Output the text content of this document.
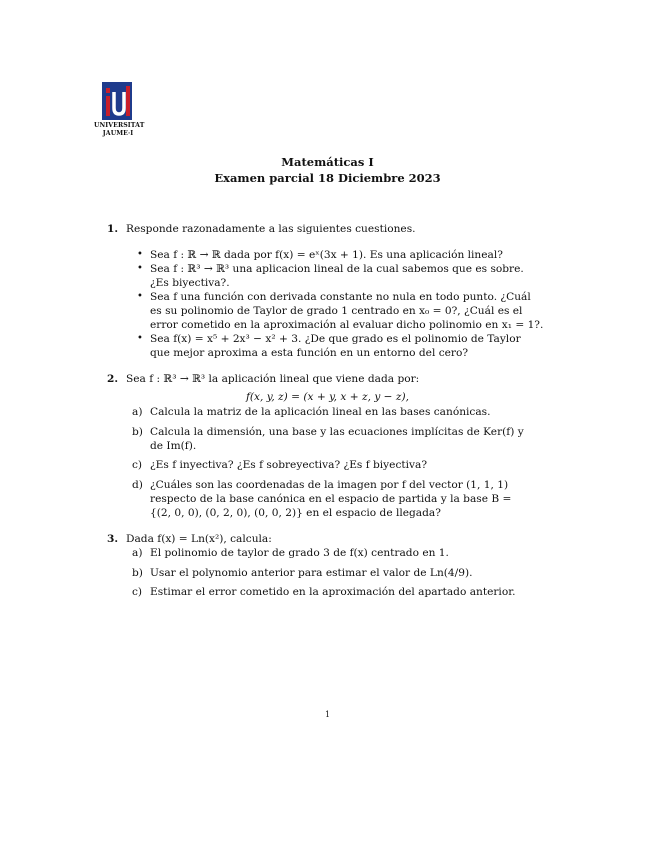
UNIVERSITAT
JAUME·I
Matemáticas I
Examen parcial 18 Diciembre 2023
1. Responde razonadamente a las siguientes cuestiones.
• Sea f : ℝ → ℝ dada por f(x) = eˣ(3x + 1). Es una aplicación lineal?
• Sea f : ℝ³ → ℝ³ una aplicacion lineal de la cual sabemos que es sobre.
¿Es biyectiva?.
• Sea f una función con derivada constante no nula en todo punto. ¿Cuál
es su polinomio de Taylor de grado 1 centrado en x₀ = 0?, ¿Cuál es el
error cometido en la aproximación al evaluar dicho polinomio en x₁ = 1?.
• Sea f(x) = x⁵ + 2x³ − x² + 3. ¿De que grado es el polinomio de Taylor
que mejor aproxima a esta función en un entorno del cero?
2. Sea f : ℝ³ → ℝ³ la aplicación lineal que viene dada por:
f(x, y, z) = (x + y, x + z, y − z),
a) Calcula la matriz de la aplicación lineal en las bases canónicas.
b) Calcula la dimensión, una base y las ecuaciones implícitas de Ker(f) y
de Im(f).
c) ¿Es f inyectiva? ¿Es f sobreyectiva? ¿Es f biyectiva?
d) ¿Cuáles son las coordenadas de la imagen por f del vector (1, 1, 1)
respecto de la base canónica en el espacio de partida y la base B =
{(2, 0, 0), (0, 2, 0), (0, 0, 2)} en el espacio de llegada?
3. Dada f(x) = Ln(x²), calcula:
a) El polinomio de taylor de grado 3 de f(x) centrado en 1.
b) Usar el polynomio anterior para estimar el valor de Ln(4/9).
c) Estimar el error cometido en la aproximación del apartado anterior.
1
